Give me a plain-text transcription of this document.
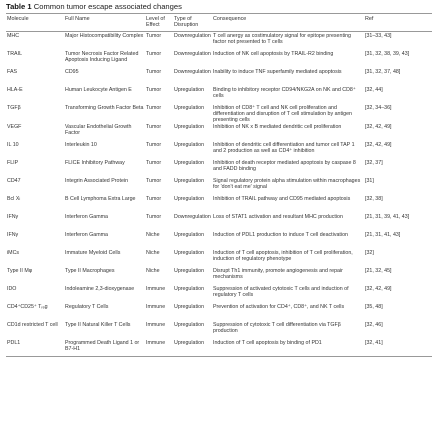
Table 1 Common tumor escape associated changes
Molecule	Full Name	Level of Effect	Type of Disruption	Consequence	Ref
MHC	Major Histocompatibility Complex	Tumor	Downregulation	T cell anergy as costimulatory signal for epitope presenting factor not presented to T cells	[31–33, 43]
TRAIL	Tumor Necrosis Factor Related Apoptosis Inducing Ligand	Tumor	Downregulation	Induction of NK cell apoptosis by TRAIL-R2 binding	[31, 32, 38, 39, 43]
FAS	CD95	Tumor	Downregulation	Inability to induce TNF superfamily mediated apoptosis	[31, 32, 37, 48]
HLA-E	Human Leukocyte Antigen E	Tumor	Upregulation	Binding to inhibitory receptor CD94/NKG2A on NK and CD8⁺ cells	[32, 44]
TGFβ	Transforming Growth Factor Beta	Tumor	Upregulation	Inhibition of CD8⁺ T cell and NK cell proliferation and differentiation and disruption of T cell stimulation by antigen presenting cells	[32, 34–36]
VEGF	Vascular Endothelial Growth Factor	Tumor	Upregulation	Inhibition of NK x B mediated dendritic cell proliferation	[32, 42, 49]
IL 10	Interleukin 10	Tumor	Upregulation	Inhibition of dendritic cell differentiation and tumor cell TAP 1 and 2 production as well as CD4⁺ inhibition	[32, 42, 49]
FLIP	FLICE Inhibitory Pathway	Tumor	Upregulation	Inhibition of death receptor mediated apoptosis by caspase 8 and FADD binding	[32, 37]
CD47	Integrin Associated Protein	Tumor	Upregulation	Signal regulatory protein alpha stimulation within macrophages for 'don't eat me' signal	[31]
Bcl Xₗ	B Cell Lymphoma Extra Large	Tumor	Upregulation	Inhibition of TRAIL pathway and CD95 mediated apoptosis	[32, 38]
IFNγ	Interferon Gamma	Tumor	Downregulation	Loss of STAT1 activation and resultant MHC production	[21, 31, 39, 41, 43]
IFNγ	Interferon Gamma	Niche	Upregulation	Induction of PDL1 production to induce T cell deactivation	[21, 31, 41, 43]
iMCs	Immature Myeloid Cells	Niche	Upregulation	Induction of T cell apoptosis, inhibition of T cell proliferation, induction of regulatory phenotype	[32]
Type II Mφ	Type II Macrophages	Niche	Upregulation	Disrupt Th1 immunity, promote angiogenesis and repair mechanisms	[21, 32, 45]
IDO	Indoleamine 2,3-dioxygenase	Immune	Upregulation	Suppression of activated cytotoxic T cells and induction of regulatory T cells	[32, 42, 49]
CD4⁺CD25⁺ Tᵣₑg	Regulatory T Cells	Immune	Upregulation	Prevention of activation for CD4⁺, CD8⁺, and NK T cells	[35, 48]
CD1d restricted T cell	Type II Natural Killer T Cells	Immune	Upregulation	Suppression of cytotoxic T cell differentiation via TGFβ production	[32, 46]
PDL1	Programmed Death Ligand 1 or B7-H1	Immune	Upregulation	Induction of T cell apoptosis by binding of PD1	[32, 41]
